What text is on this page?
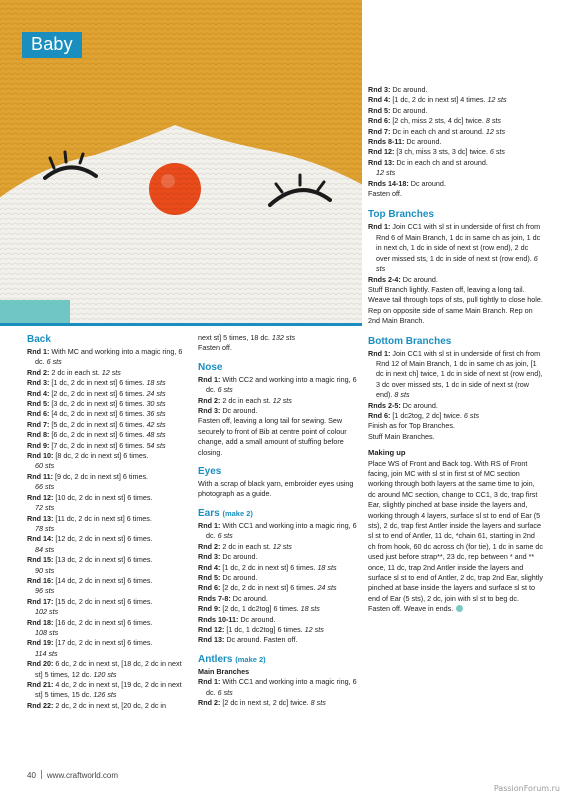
Baby
Back
Rnd 1: With MC and working into a magic ring, 6 dc. 6 sts
Rnd 2: 2 dc in each st. 12 sts
Rnd 3: [1 dc, 2 dc in next st] 6 times. 18 sts
Rnd 4: [2 dc, 2 dc in next st] 6 times. 24 sts
Rnd 5: [3 dc, 2 dc in next st] 6 times. 30 sts
Rnd 6: [4 dc, 2 dc in next st] 6 times. 36 sts
Rnd 7: [5 dc, 2 dc in next st] 6 times. 42 sts
Rnd 8: [6 dc, 2 dc in next st] 6 times. 48 sts
Rnd 9: [7 dc, 2 dc in next st] 6 times. 54 sts
Rnd 10: [8 dc, 2 dc in next st] 6 times.
60 sts
Rnd 11: [9 dc, 2 dc in next st] 6 times.
66 sts
Rnd 12: [10 dc, 2 dc in next st] 6 times.
72 sts
Rnd 13: [11 dc, 2 dc in next st] 6 times.
78 sts
Rnd 14: [12 dc, 2 dc in next st] 6 times.
84 sts
Rnd 15: [13 dc, 2 dc in next st] 6 times.
90 sts
Rnd 16: [14 dc, 2 dc in next st] 6 times.
96 sts
Rnd 17: [15 dc, 2 dc in next st] 6 times.
102 sts
Rnd 18: [16 dc, 2 dc in next st] 6 times.
108 sts
Rnd 19: [17 dc, 2 dc in next st] 6 times.
114 sts
Rnd 20: 6 dc, 2 dc in next st, [18 dc, 2 dc in next st] 5 times, 12 dc. 120 sts
Rnd 21: 4 dc, 2 dc in next st, [19 dc, 2 dc in next st] 5 times, 15 dc. 126 sts
Rnd 22: 2 dc, 2 dc in next st, [20 dc, 2 dc in
next st] 5 times, 18 dc. 132 sts
Fasten off.
Nose
Rnd 1: With CC2 and working into a magic ring, 6 dc. 6 sts
Rnd 2: 2 dc in each st. 12 sts
Rnd 3: Dc around.
Fasten off, leaving a long tail for sewing. Sew securely to front of Bib at centre point of colour change, add a small amount of stuffing before closing.
Eyes
With a scrap of black yarn, embroider eyes using photograph as a guide.
Ears (make 2)
Rnd 1: With CC1 and working into a magic ring, 6 dc. 6 sts
Rnd 2: 2 dc in each st. 12 sts
Rnd 3: Dc around.
Rnd 4: [1 dc, 2 dc in next st] 6 times. 18 sts
Rnd 5: Dc around.
Rnd 6: [2 dc, 2 dc in next st] 6 times. 24 sts
Rnds 7-8: Dc around.
Rnd 9: [2 dc, 1 dc2tog] 6 times. 18 sts
Rnds 10-11: Dc around.
Rnd 12: [1 dc, 1 dc2tog] 6 times. 12 sts
Rnd 13: Dc around. Fasten off.
Antlers (make 2)
Main Branches
Rnd 1: With CC1 and working into a magic ring, 6 dc. 6 sts
Rnd 2: [2 dc in next st, 2 dc] twice. 8 sts
Rnd 3: Dc around.
Rnd 4: [1 dc, 2 dc in next st] 4 times. 12 sts
Rnd 5: Dc around.
Rnd 6: [2 ch, miss 2 sts, 4 dc] twice. 8 sts
Rnd 7: Dc in each ch and st around. 12 sts
Rnds 8-11: Dc around.
Rnd 12: [3 ch, miss 3 sts, 3 dc] twice. 6 sts
Rnd 13: Dc in each ch and st around.
12 sts
Rnds 14-18: Dc around.
Fasten off.
Top Branches
Rnd 1: Join CC1 with sl st in underside of first ch from Rnd 6 of Main Branch, 1 dc in same ch as join, 1 dc in next ch, 1 dc in side of next st (row end), 2 dc over missed sts, 1 dc in side of next st (row end). 6 sts
Rnds 2-4: Dc around.
Stuff Branch lightly. Fasten off, leaving a long tail. Weave tail through tops of sts, pull tightly to close hole. Rep on opposite side of same Main Branch. Rep on 2nd Main Branch.
Bottom Branches
Rnd 1: Join CC1 with sl st in underside of first ch from Rnd 12 of Main Branch, 1 dc in same ch as join, [1 dc in next ch] twice, 1 dc in side of next st (row end), 3 dc over missed sts, 1 dc in side of next st (row end). 8 sts
Rnds 2-5: Dc around.
Rnd 6: [1 dc2tog, 2 dc] twice. 6 sts
Finish as for Top Branches.
Stuff Main Branches.
Making up
Place WS of Front and Back tog. With RS of Front facing, join MC with sl st in first st of MC section working through both layers at the same time to join, dc around MC section, change to CC1, 3 dc, trap first Ear, slightly pinched at base inside the layers and, working through 4 layers, surface sl st to end of Ear (5 sts), 2 dc, trap first Antler inside the layers and surface sl st to end of Antler, 11 dc, *chain 61, starting in 2nd ch from hook, 60 dc across ch (for tie), 1 dc in same dc used just before strap**, 23 dc, rep between * and ** once, 11 dc, trap 2nd Antler inside the layers and surface sl st to end of Antler, 2 dc, trap 2nd Ear, slightly pinched at base inside the layers and surface sl st to end of Ear (5 sts), 2 dc, join with sl st to beg dc.
Fasten off. Weave in ends.
40 www.craftworld.com
PassionForum.ru
